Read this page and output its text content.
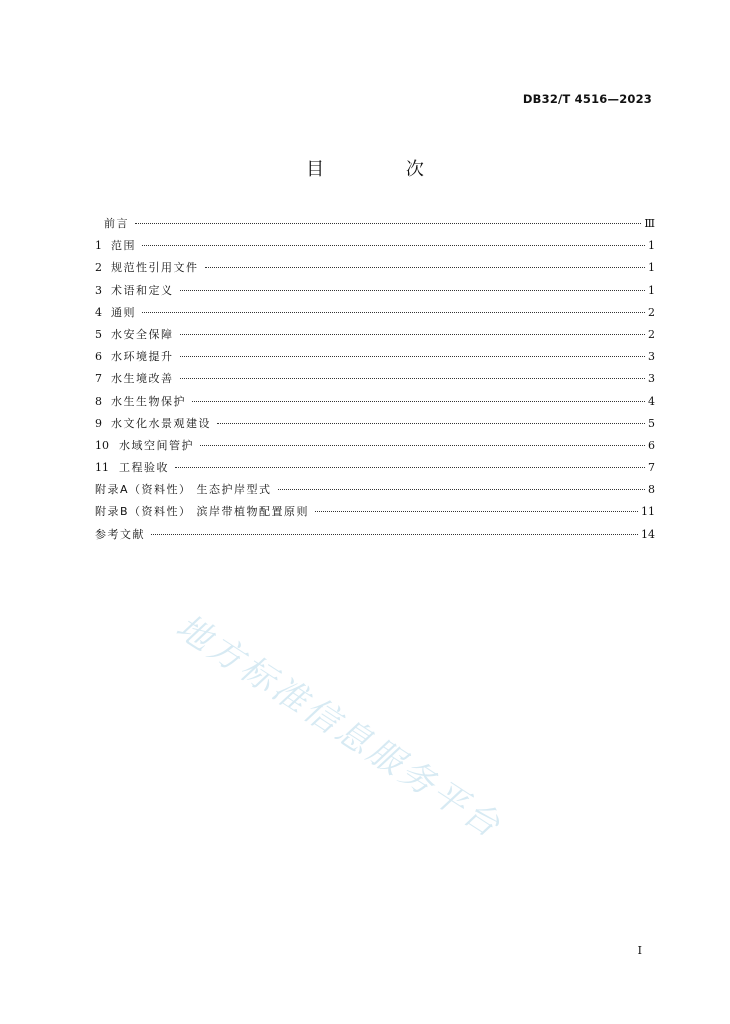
DB32/T 4516—2023
目 次
前言	Ⅲ
1 范围	1
2 规范性引用文件	1
3 术语和定义	1
4 通则	2
5 水安全保障	2
6 水环境提升	3
7 水生境改善	3
8 水生生物保护	4
9 水文化水景观建设	5
10 水域空间管护	6
11 工程验收	7
附录A（资料性） 生态护岸型式	8
附录B（资料性） 滨岸带植物配置原则	11
参考文献	14
地方标准信息服务平台
I
